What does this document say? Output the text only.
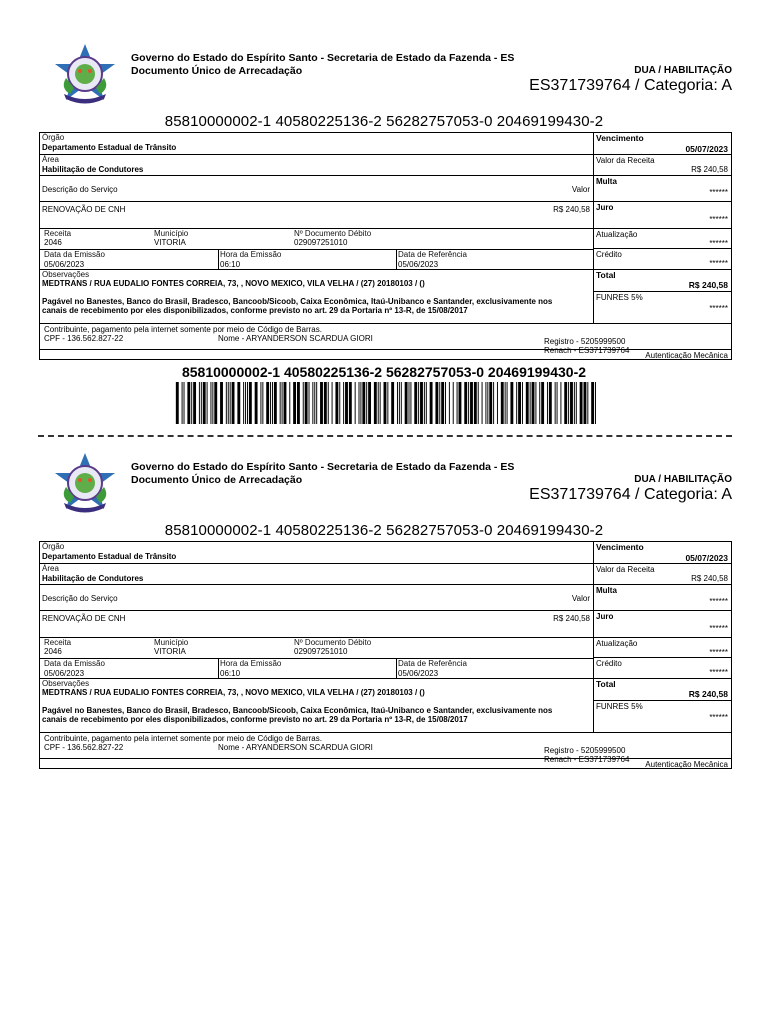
Governo do Estado do Espírito Santo - Secretaria de Estado da Fazenda - ES
Documento Único de Arrecadação	DUA / HABILITAÇÃO
ES371739764 / Categoria: A
85810000002-1 40580225136-2 56282757053-0 20469199430-2
Órgão
Departamento Estadual de Trânsito
Área
Habilitação de Condutores
Descrição do Serviço	Valor
RENOVAÇÃO DE CNH	R$ 240,58
Receita
2046
Município
VITORIA
Nº Documento Débito
029097251010
Data da Emissão
05/06/2023
Hora da Emissão
06:10
Data de Referência
05/06/2023
Observações
MEDTRANS / RUA EUDALIO FONTES CORREIA, 73, , NOVO MEXICO, VILA VELHA / (27) 20180103 / ()
Pagável no Banestes, Banco do Brasil, Bradesco, Bancoob/Sicoob, Caixa Econômica, Itaú-Unibanco e Santander, exclusivamente nos
canais de recebimento por eles disponibilizados, conforme previsto no art. 29 da Portaria nº 13-R, de 15/08/2017
Vencimento
05/07/2023
Valor da Receita
R$ 240,58
Multa
******
Juro
******
Atualização
******
Crédito
******
Total
R$ 240,58
FUNRES 5%
******
Contribuinte, pagamento pela internet somente por meio de Código de Barras.
CPF - 136.562.827-22	Nome - ARYANDERSON SCARDUA GIORI	Registro - 5205999500
Renach - ES371739764
Autenticação Mecânica
85810000002-1 40580225136-2 56282757053-0 20469199430-2
Governo do Estado do Espírito Santo - Secretaria de Estado da Fazenda - ES
Documento Único de Arrecadação	DUA / HABILITAÇÃO
ES371739764 / Categoria: A
85810000002-1 40580225136-2 56282757053-0 20469199430-2
Órgão
Departamento Estadual de Trânsito
Área
Habilitação de Condutores
Descrição do Serviço	Valor
RENOVAÇÃO DE CNH	R$ 240,58
Receita
2046
Município
VITORIA
Nº Documento Débito
029097251010
Data da Emissão
05/06/2023
Hora da Emissão
06:10
Data de Referência
05/06/2023
Observações
MEDTRANS / RUA EUDALIO FONTES CORREIA, 73, , NOVO MEXICO, VILA VELHA / (27) 20180103 / ()
Pagável no Banestes, Banco do Brasil, Bradesco, Bancoob/Sicoob, Caixa Econômica, Itaú-Unibanco e Santander, exclusivamente nos
canais de recebimento por eles disponibilizados, conforme previsto no art. 29 da Portaria nº 13-R, de 15/08/2017
Vencimento
05/07/2023
Valor da Receita
R$ 240,58
Multa
******
Juro
******
Atualização
******
Crédito
******
Total
R$ 240,58
FUNRES 5%
******
Contribuinte, pagamento pela internet somente por meio de Código de Barras.
CPF - 136.562.827-22	Nome - ARYANDERSON SCARDUA GIORI	Registro - 5205999500
Renach - ES371739764
Autenticação Mecânica
